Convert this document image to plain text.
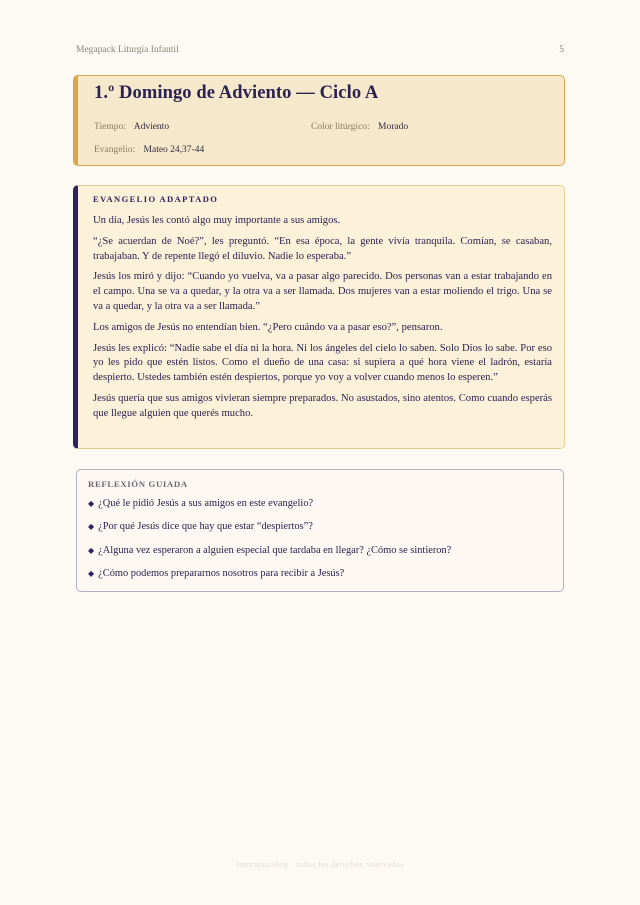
Megapack Liturgia Infantil	5
1.º Domingo de Adviento — Ciclo A
Tiempo: Adviento	Color litúrgico: Morado
Evangelio: Mateo 24,37-44
EVANGELIO ADAPTADO

Un día, Jesús les contó algo muy importante a sus amigos.

“¿Se acuerdan de Noé?”, les preguntó. “En esa época, la gente vivía tranquila. Comían, se casaban, trabajaban. Y de repente llegó el diluvio. Nadie lo esperaba.”

Jesús los miró y dijo: “Cuando yo vuelva, va a pasar algo parecido. Dos personas van a estar trabajando en el campo. Una se va a quedar, y la otra va a ser llamada. Dos mujeres van a estar moliendo el trigo. Una se va a quedar, y la otra va a ser llamada.”

Los amigos de Jesús no entendían bien. “¿Pero cuándo va a pasar eso?”, pensaron.

Jesús les explicó: “Nadie sabe el día ni la hora. Ni los ángeles del cielo lo saben. Solo Dios lo sabe. Por eso yo les pido que estén listos. Como el dueño de una casa: si supiera a qué hora viene el ladrón, estaría despierto. Ustedes también estén despiertos, porque yo voy a volver cuando menos lo esperen.”

Jesús quería que sus amigos vivieran siempre preparados. No asustados, sino atentos. Como cuando esperás que llegue alguien que querés mucho.

REFLEXIÓN GUIADA
◆ ¿Qué le pidió Jesús a sus amigos en este evangelio?
◆ ¿Por qué Jesús dice que hay que estar “despiertos”?
◆ ¿Alguna vez esperaron a alguien especial que tardaba en llegar? ¿Cómo se sintieron?
◆ ¿Cómo podemos prepararnos nosotros para recibir a Jesús?
turecurso.shop · todos los derechos reservados
